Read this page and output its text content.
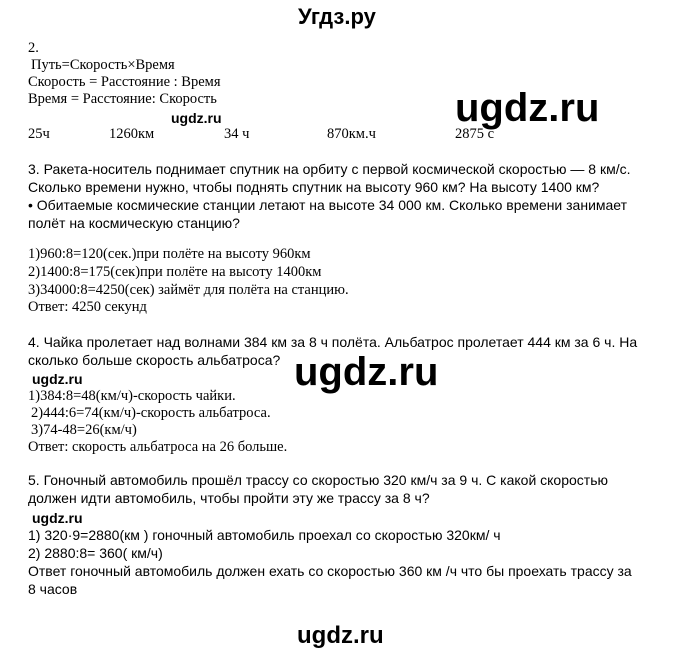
Угдз.ру
2.
Путь=Скорость×Время
Скорость = Расстояние : Время
Время = Расстояние: Скорость	ugdz.ru
ugdz.ru
25ч	1260км	34 ч	870км.ч	2875 с
3. Ракета-носитель поднимает спутник на орбиту с первой космической скоростью — 8 км/с.
Сколько времени нужно, чтобы поднять спутник на высоту 960 км? На высоту 1400 км?
• Обитаемые космические станции летают на высоте 34 000 км. Сколько времени занимает
полёт на космическую станцию?
1)960:8=120(сек.)при полёте на высоту 960км
2)1400:8=175(сек)при полёте на высоту 1400км
3)34000:8=4250(сек) займёт для полёта на станцию.
Ответ: 4250 секунд
4. Чайка пролетает над волнами 384 км за 8 ч полёта. Альбатрос пролетает 444 км за 6 ч. На
сколько больше скорость альбатроса? ugdz.ru
ugdz.ru
1)384:8=48(км/ч)-скорость чайки.
2)444:6=74(км/ч)-скорость альбатроса.
3)74-48=26(км/ч)
Ответ: скорость альбатроса на 26 больше.
5. Гоночный автомобиль прошёл трассу со скоростью 320 км/ч за 9 ч. С какой скоростью
должен идти автомобиль, чтобы пройти эту же трассу за 8 ч?
ugdz.ru
1) 320·9=2880(км ) гоночный автомобиль проехал со скоростью 320км/ ч
2) 2880:8= 360( км/ч)
Ответ гоночный автомобиль должен ехать со скоростью 360 км /ч что бы проехать трассу за
8 часов
ugdz.ru
